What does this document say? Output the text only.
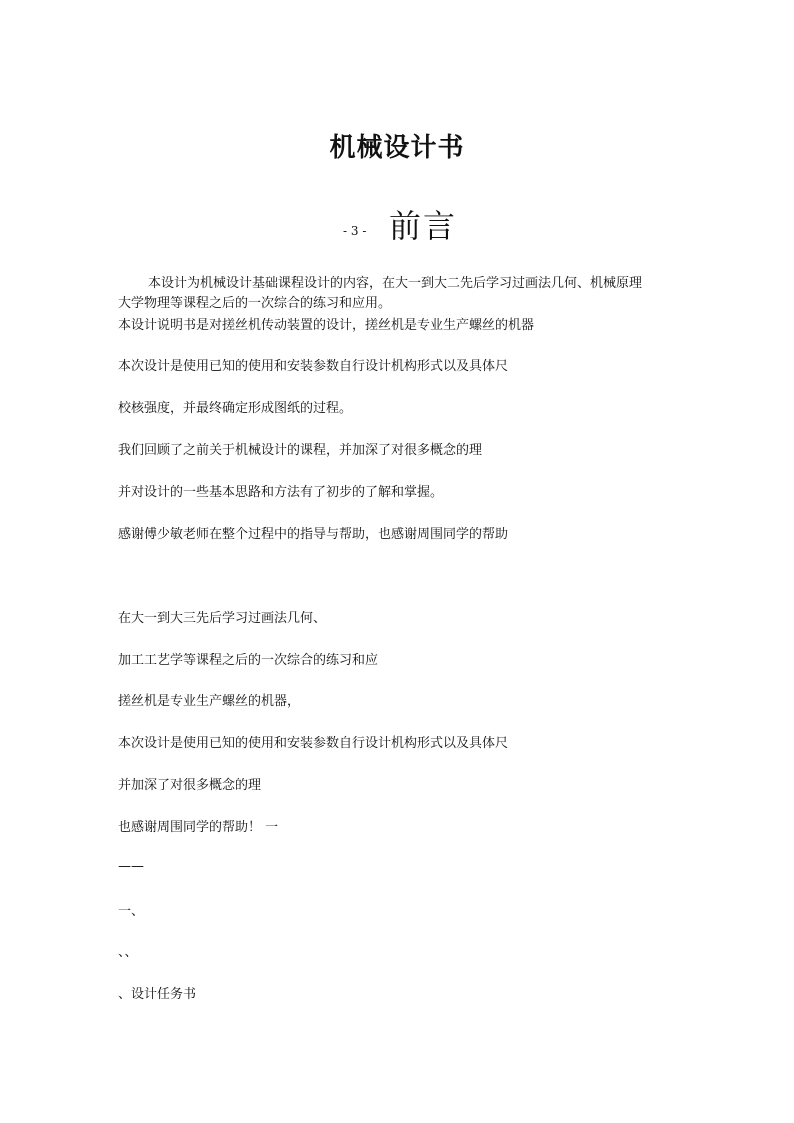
机械设计书
- 3 - 前言
本设计为机械设计基础课程设计的内容，在大一到大二先后学习过画法几何、机械原理
大学物理等课程之后的一次综合的练习和应用。
本设计说明书是对搓丝机传动装置的设计，搓丝机是专业生产螺丝的机器
本次设计是使用已知的使用和安装参数自行设计机构形式以及具体尺
校核强度，并最终确定形成图纸的过程。
我们回顾了之前关于机械设计的课程，并加深了对很多概念的理
并对设计的一些基本思路和方法有了初步的了解和掌握。
感谢傅少敏老师在整个过程中的指导与帮助，也感谢周围同学的帮助
在大一到大三先后学习过画法几何、
加工工艺学等课程之后的一次综合的练习和应
搓丝机是专业生产螺丝的机器，
本次设计是使用已知的使用和安装参数自行设计机构形式以及具体尺
并加深了对很多概念的理
也感谢周围同学的帮助！ 一
——
一、
、、
、设计任务书
